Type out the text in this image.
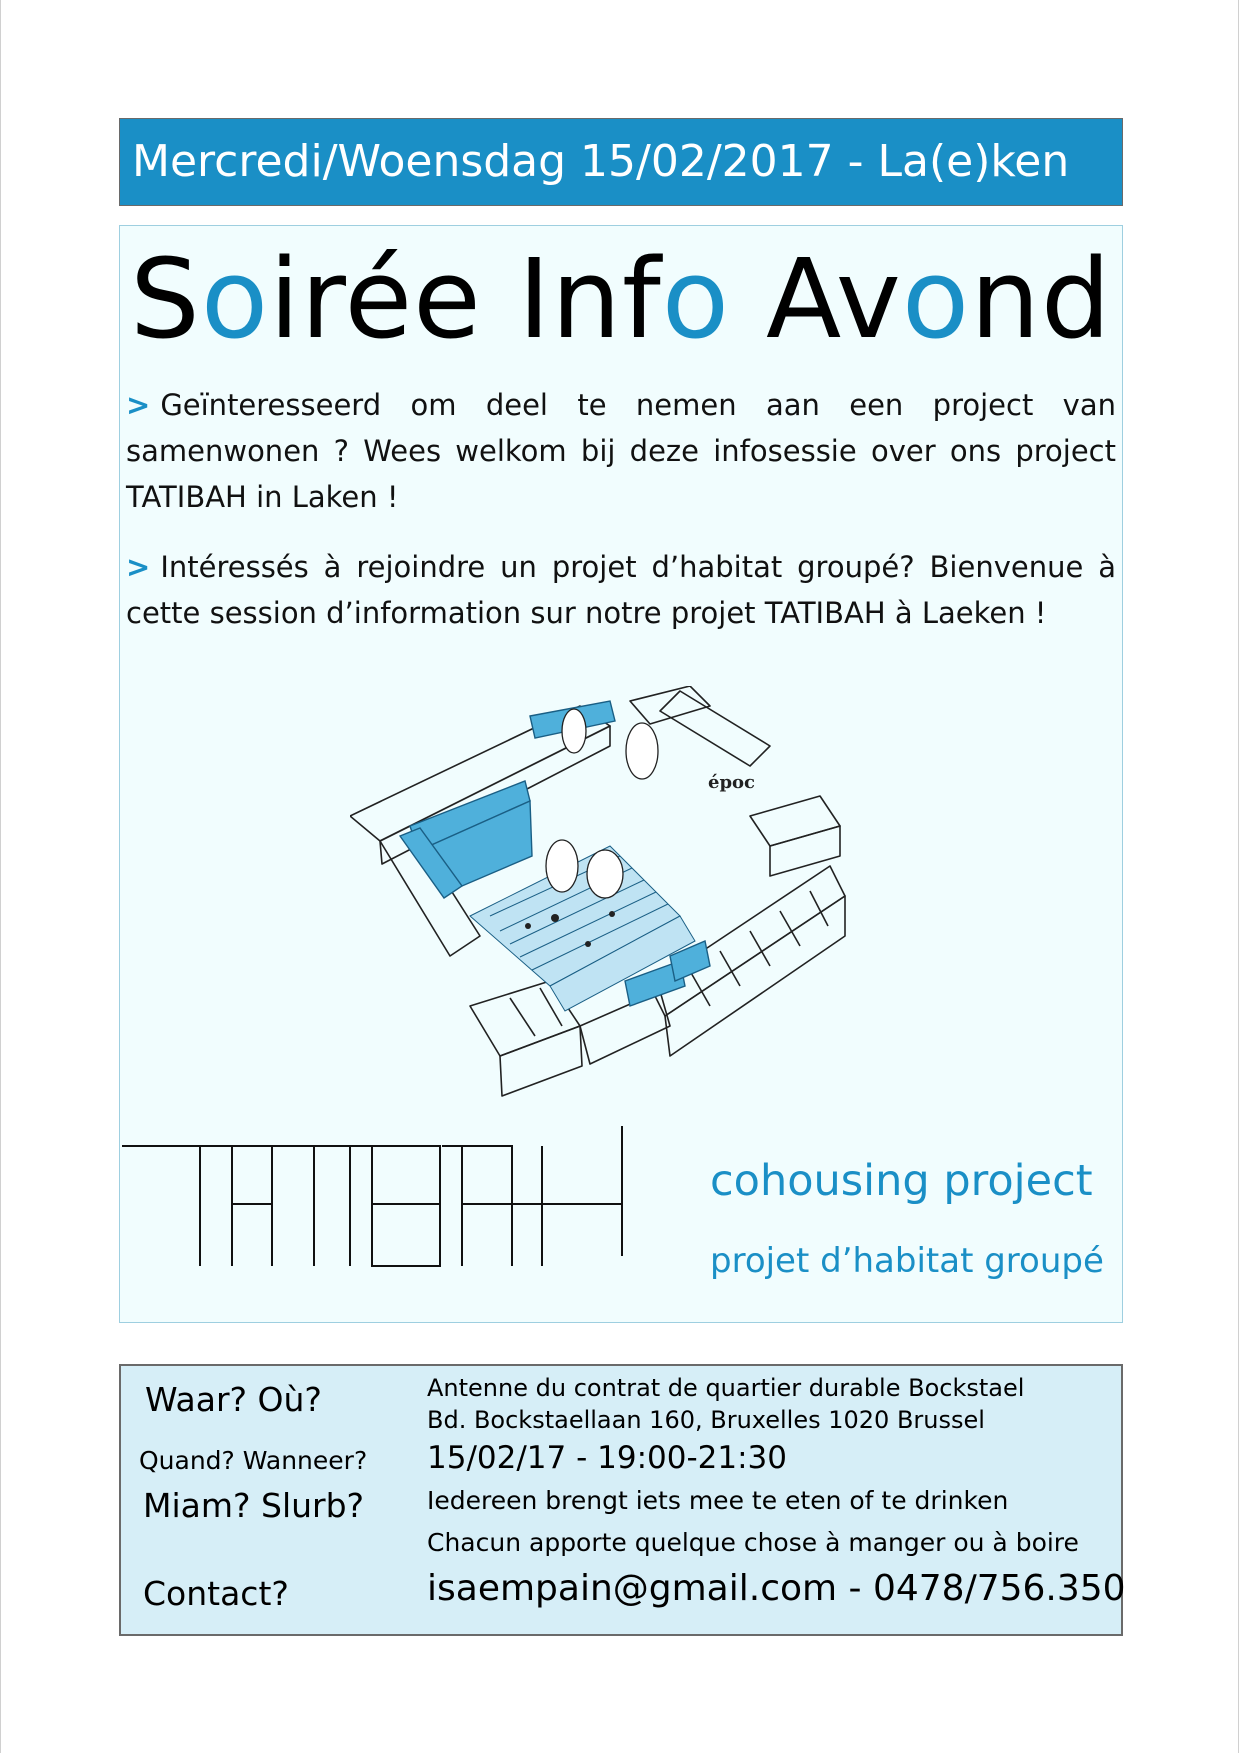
Mercredi/Woensdag 15/02/2017 - La(e)ken
Soirée Info Avond
> Geïnteresseerd om deel te nemen aan een project van samenwonen ? Wees welkom bij deze infosessie over ons project TATIBAH in Laken !
> Intéressés à rejoindre un projet d’habitat groupé? Bienvenue à cette session d’information sur notre projet TATIBAH à Laeken !
époc
cohousing project
projet d’habitat groupé
Waar? Où?	Antenne du contrat de quartier durable Bockstael
Bd. Bockstaellaan 160, Bruxelles 1020 Brussel
Quand? Wanneer? 15/02/17 - 19:00-21:30
Miam? Slurb?	Iedereen brengt iets mee te eten of te drinken
Chacun apporte quelque chose à manger ou à boire
Contact?	isaempain@gmail.com - 0478/756.350
